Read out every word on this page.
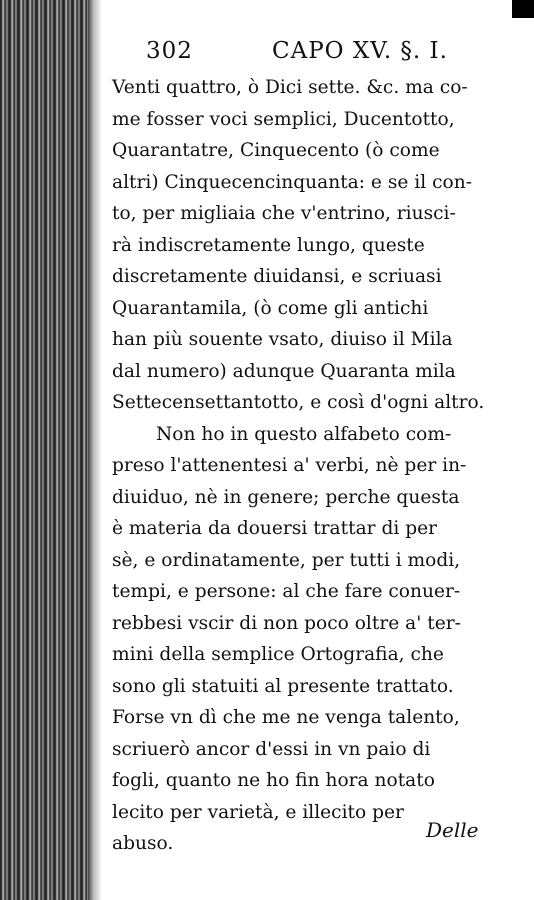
302	CAPO XV. §. I.
Venti quattro, ò Dici sette. &c. ma co-
me fosser voci semplici, Ducentotto,
Quarantatre, Cinquecento (ò come
altri) Cinquecencinquanta: e se il con-
to, per migliaia che v'entrino, riusci-
rà indiscretamente lungo, queste
discretamente diuidansi, e scriuasi
Quarantamila, (ò come gli antichi
han più souente vsato, diuiso il Mila
dal numero) adunque Quaranta mila
Settecensettantotto, e così d'ogni altro.
Non ho in questo alfabeto com-
preso l'attenentesi a' verbi, nè per in-
diuiduo, nè in genere; perche questa
è materia da douersi trattar di per
sè, e ordinatamente, per tutti i modi,
tempi, e persone: al che fare conuer-
rebbesi vscir di non poco oltre a' ter-
mini della semplice Ortografia, che
sono gli statuiti al presente trattato.
Forse vn dì che me ne venga talento,
scriuerò ancor d'essi in vn paio di
fogli, quanto ne ho fin hora notato
lecito per varietà, e illecito per
abuso.
Delle
